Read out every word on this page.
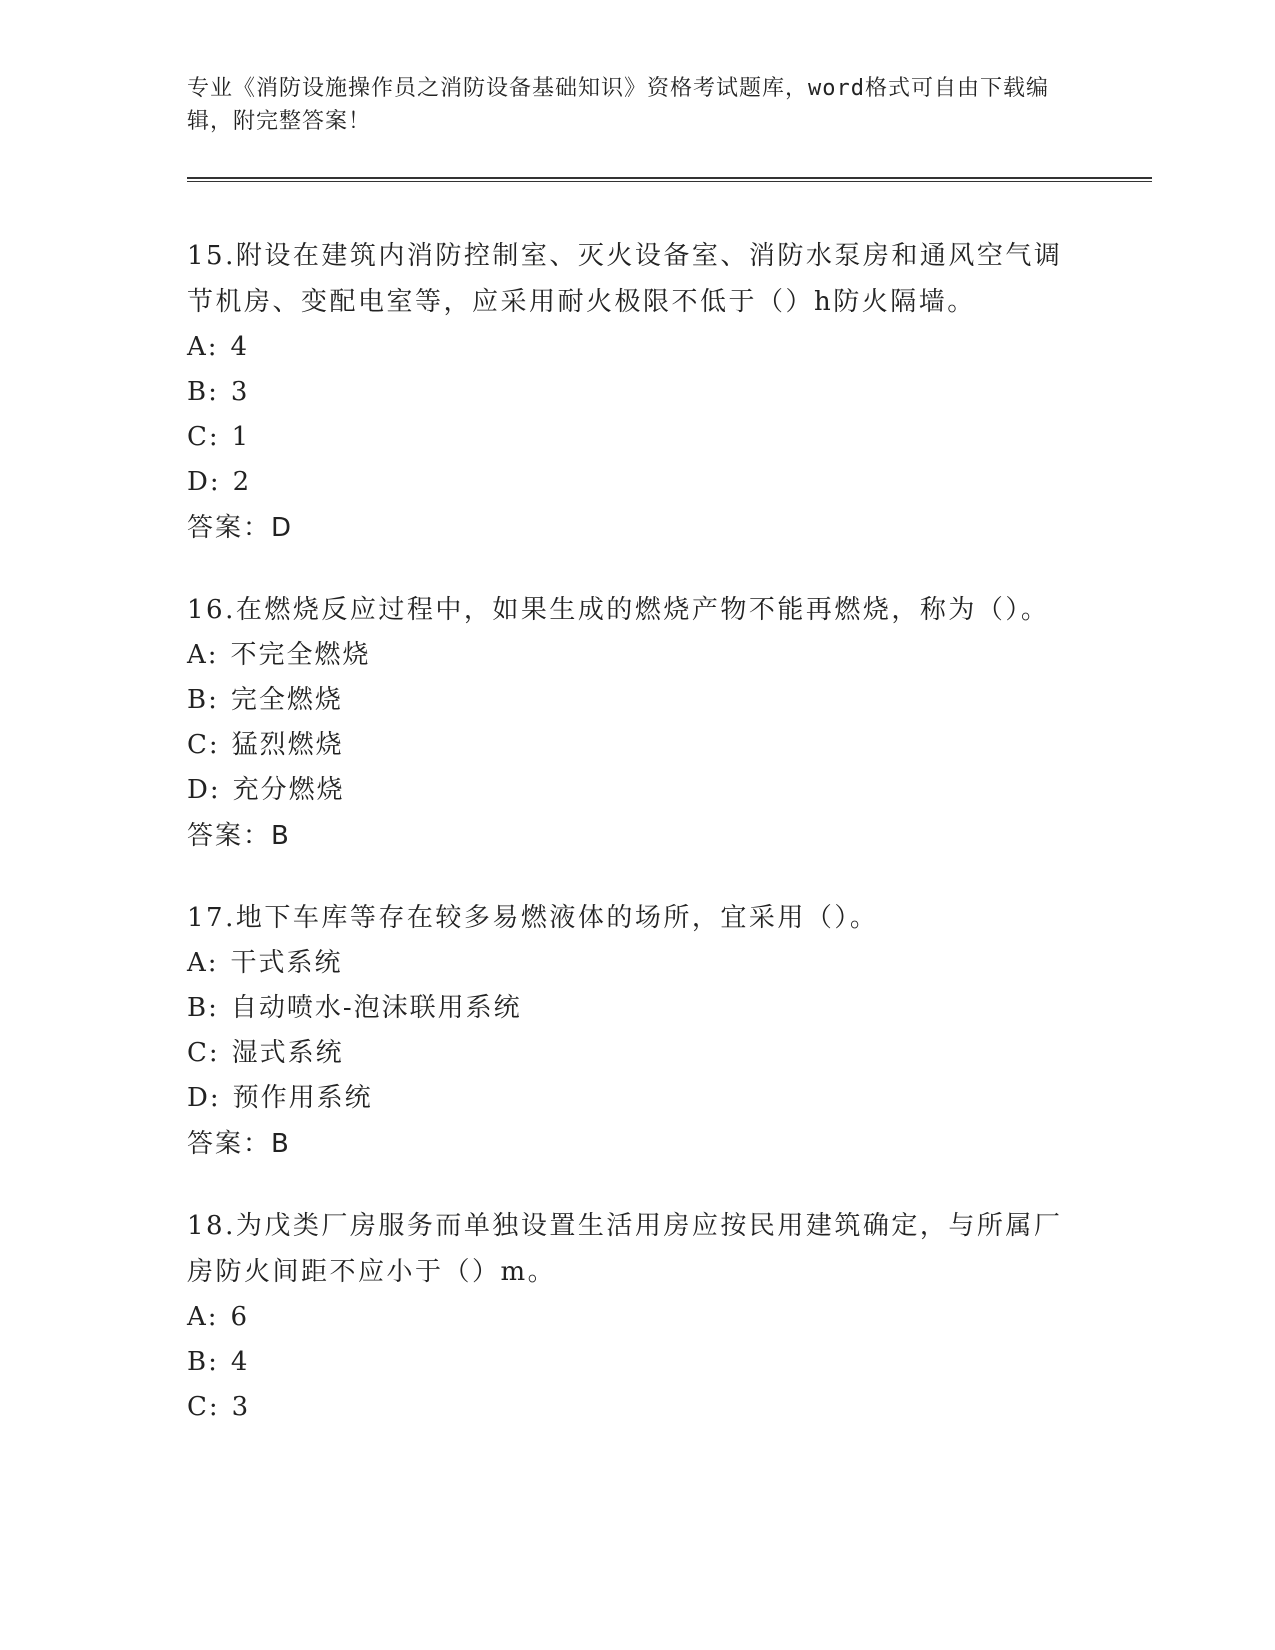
专业《消防设施操作员之消防设备基础知识》资格考试题库，word格式可自由下载编辑，附完整答案！
15.附设在建筑内消防控制室、灭火设备室、消防水泵房和通风空气调节机房、变配电室等，应采用耐火极限不低于（）h防火隔墙。
A: 4
B: 3
C: 1
D: 2
答案：D
16.在燃烧反应过程中，如果生成的燃烧产物不能再燃烧，称为（）。
A: 不完全燃烧
B: 完全燃烧
C: 猛烈燃烧
D: 充分燃烧
答案：B
17.地下车库等存在较多易燃液体的场所，宜采用（）。
A: 干式系统
B: 自动喷水-泡沫联用系统
C: 湿式系统
D: 预作用系统
答案：B
18.为戊类厂房服务而单独设置生活用房应按民用建筑确定，与所属厂房防火间距不应小于（）m。
A: 6
B: 4
C: 3
